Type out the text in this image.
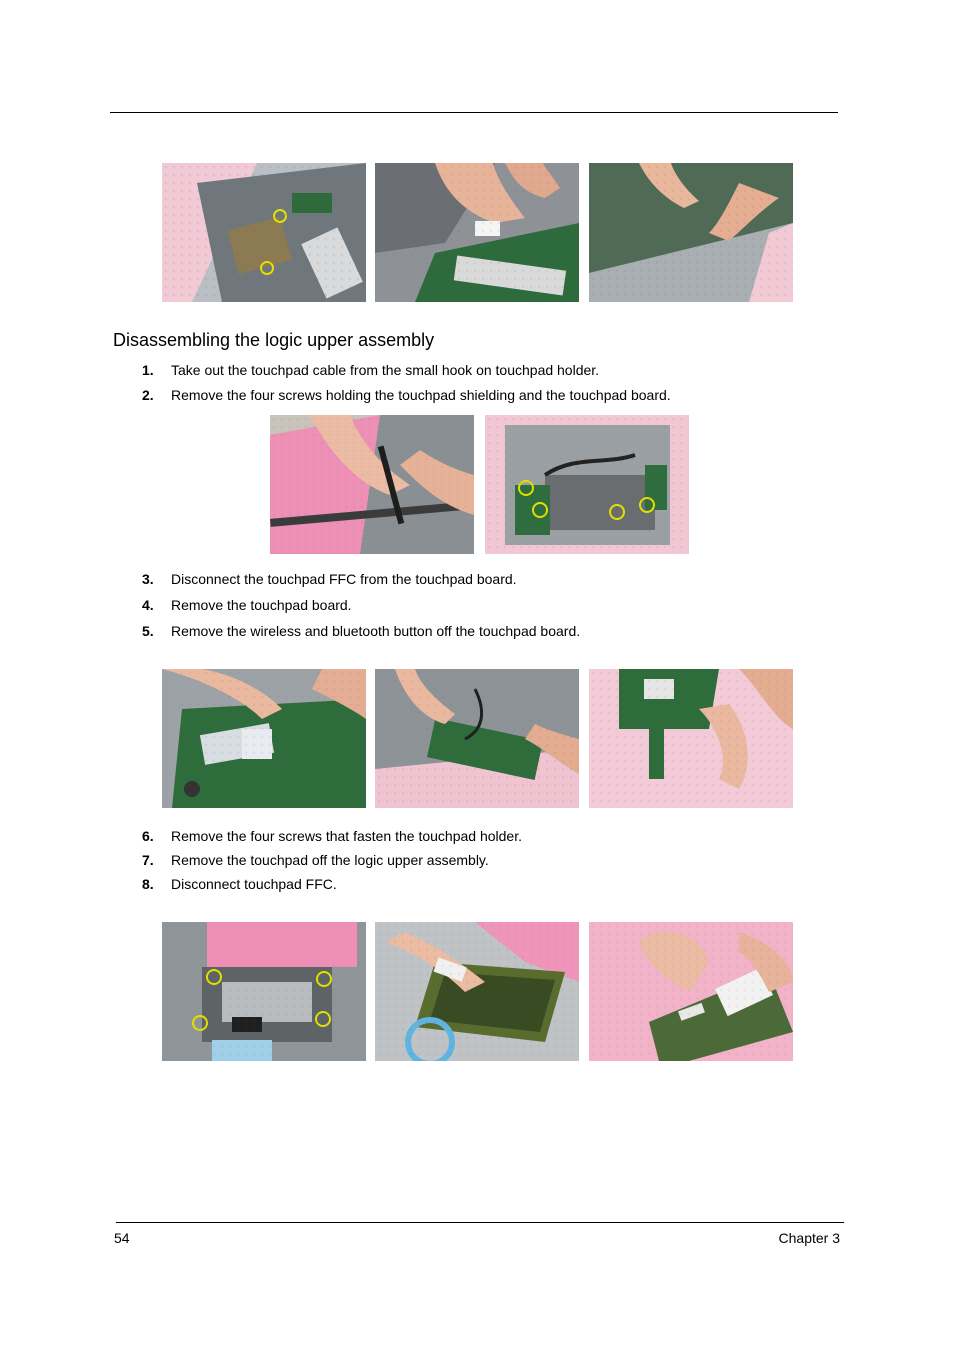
Disassembling the logic upper assembly
1. Take out the touchpad cable from the small hook on touchpad holder.
2. Remove the four screws holding the touchpad shielding and the touchpad board.
3. Disconnect the touchpad FFC from the touchpad board.
4. Remove the touchpad board.
5. Remove the wireless and bluetooth button off the touchpad board.
6. Remove the four screws that fasten the touchpad holder.
7. Remove the touchpad off the logic upper assembly.
8. Disconnect touchpad FFC.
54	Chapter 3
